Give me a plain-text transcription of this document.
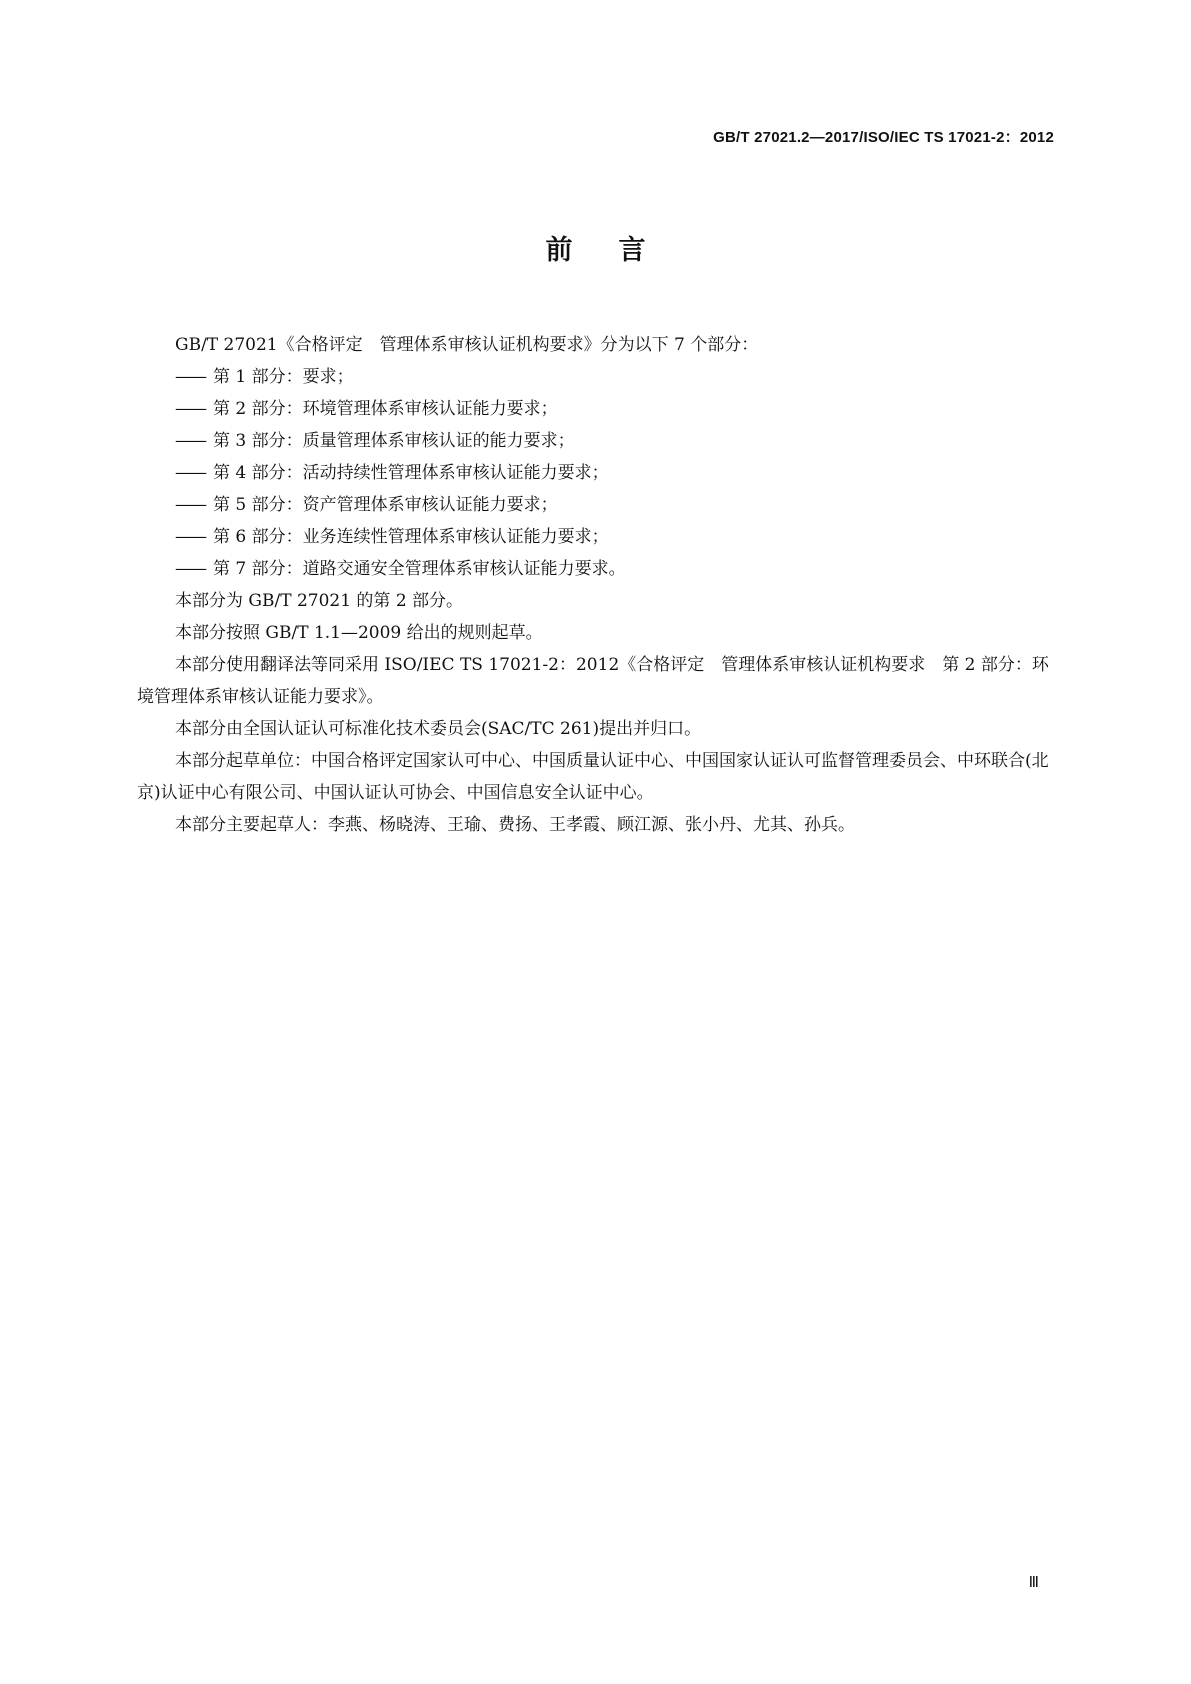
GB/T 27021.2—2017/ISO/IEC TS 17021-2：2012
前言

GB/T 27021《合格评定　管理体系审核认证机构要求》分为以下 7 个部分：

—— 第 1 部分：要求；

—— 第 2 部分：环境管理体系审核认证能力要求；

—— 第 3 部分：质量管理体系审核认证的能力要求；

—— 第 4 部分：活动持续性管理体系审核认证能力要求；

—— 第 5 部分：资产管理体系审核认证能力要求；

—— 第 6 部分：业务连续性管理体系审核认证能力要求；

—— 第 7 部分：道路交通安全管理体系审核认证能力要求。

本部分为 GB/T 27021 的第 2 部分。

本部分按照 GB/T 1.1—2009 给出的规则起草。

本部分使用翻译法等同采用 ISO/IEC TS 17021-2：2012《合格评定　管理体系审核认证机构要求　第 2 部分：环境管理体系审核认证能力要求》。

本部分由全国认证认可标准化技术委员会(SAC/TC 261)提出并归口。

本部分起草单位：中国合格评定国家认可中心、中国质量认证中心、中国国家认证认可监督管理委员会、中环联合(北京)认证中心有限公司、中国认证认可协会、中国信息安全认证中心。

本部分主要起草人：李燕、杨晓涛、王瑜、费扬、王孝霞、顾江源、张小丹、尤其、孙兵。

Ⅲ
